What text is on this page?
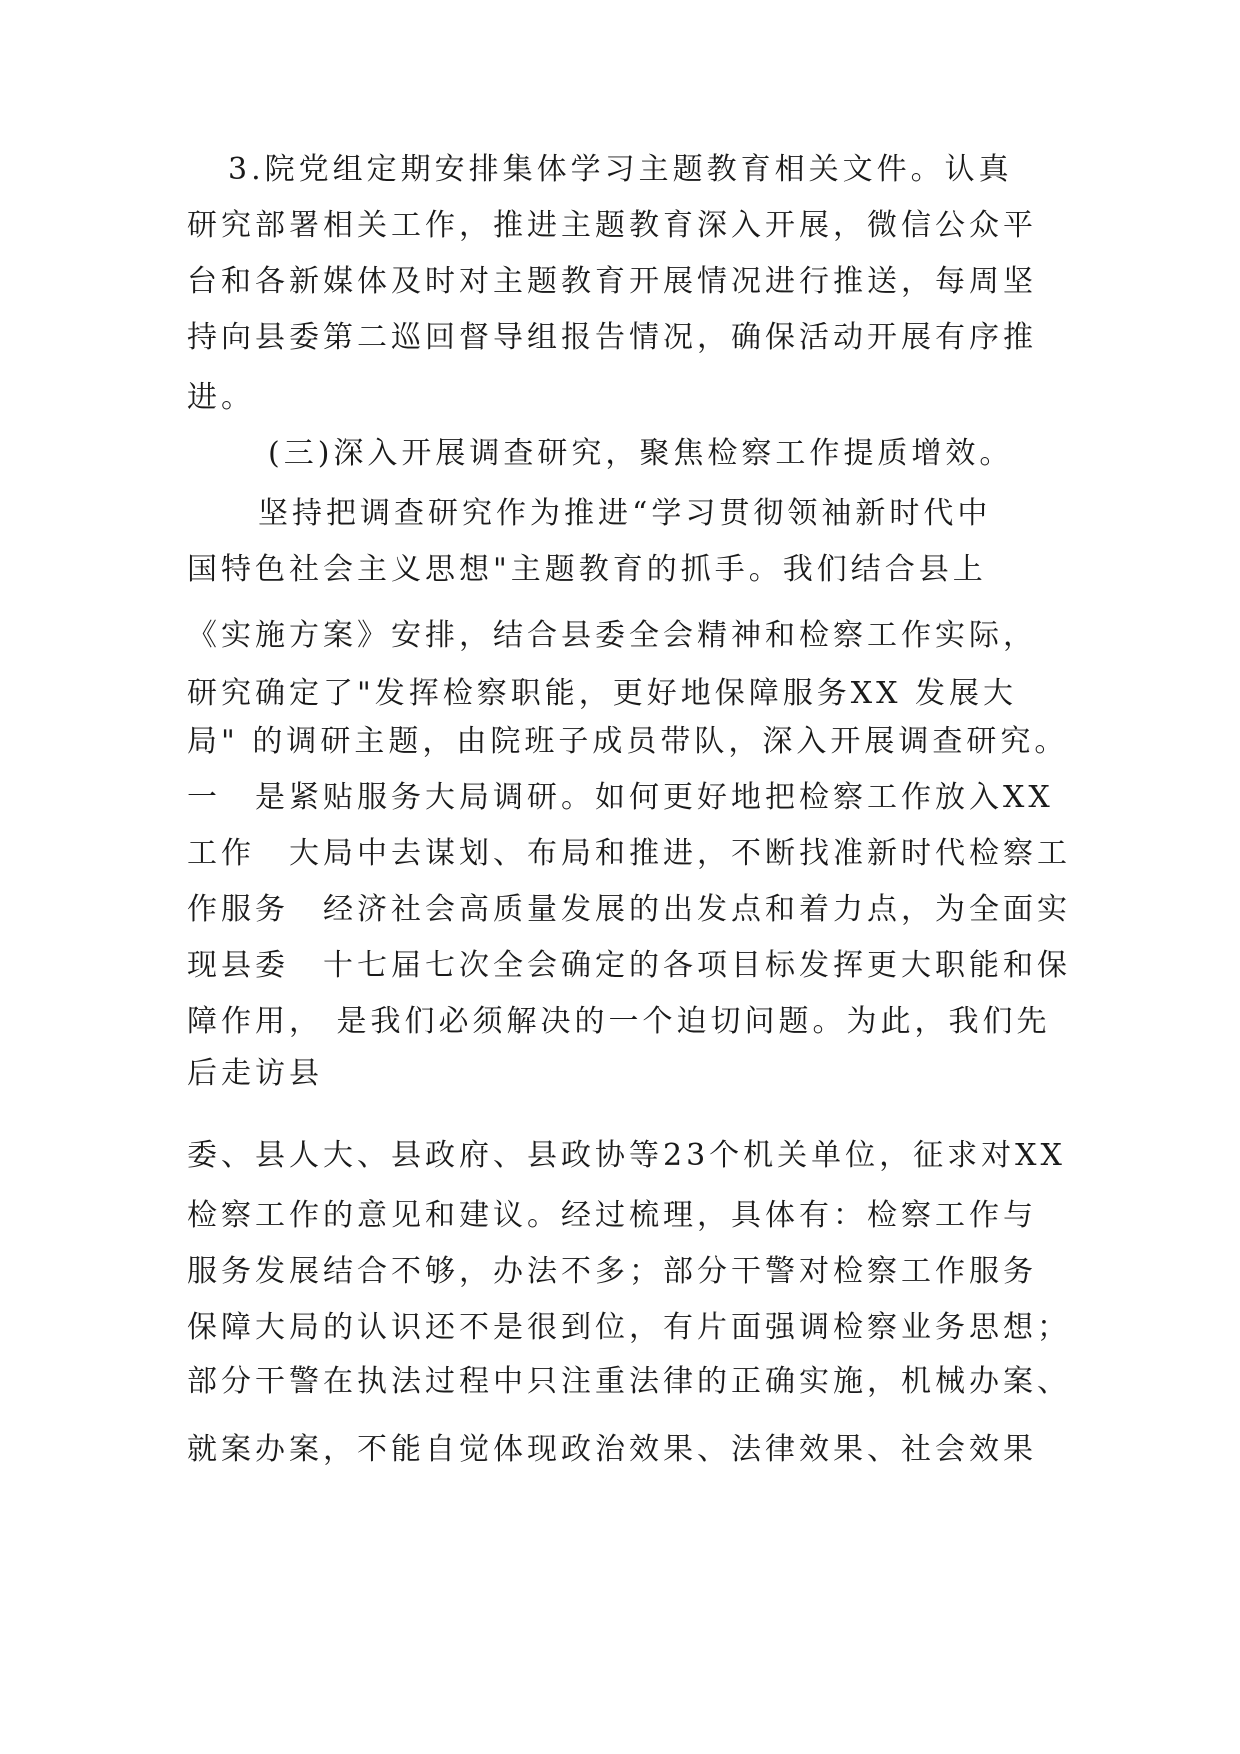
3.院党组定期安排集体学习主题教育相关文件。认真
研究部署相关工作，推进主题教育深入开展，微信公众平
台和各新媒体及时对主题教育开展情况进行推送，每周坚
持向县委第二巡回督导组报告情况，确保活动开展有序推
进。
(三)深入开展调查研究，聚焦检察工作提质增效。
坚持把调查研究作为推进“学习贯彻领袖新时代中
国特色社会主义思想"主题教育的抓手。我们结合县上
《实施方案》安排，结合县委全会精神和检察工作实际，
研究确定了"发挥检察职能，更好地保障服务XX 发展大
局" 的调研主题，由院班子成员带队，深入开展调查研究。
一　是紧贴服务大局调研。如何更好地把检察工作放入XX
工作　大局中去谋划、布局和推进，不断找准新时代检察工
作服务　经济社会高质量发展的出发点和着力点，为全面实
现县委　十七届七次全会确定的各项目标发挥更大职能和保
障作用， 是我们必须解决的一个迫切问题。为此，我们先
后走访县
委、县人大、县政府、县政协等23个机关单位，征求对XX
检察工作的意见和建议。经过梳理，具体有：检察工作与
服务发展结合不够，办法不多；部分干警对检察工作服务
保障大局的认识还不是很到位，有片面强调检察业务思想；
部分干警在执法过程中只注重法律的正确实施，机械办案、
就案办案，不能自觉体现政治效果、法律效果、社会效果
